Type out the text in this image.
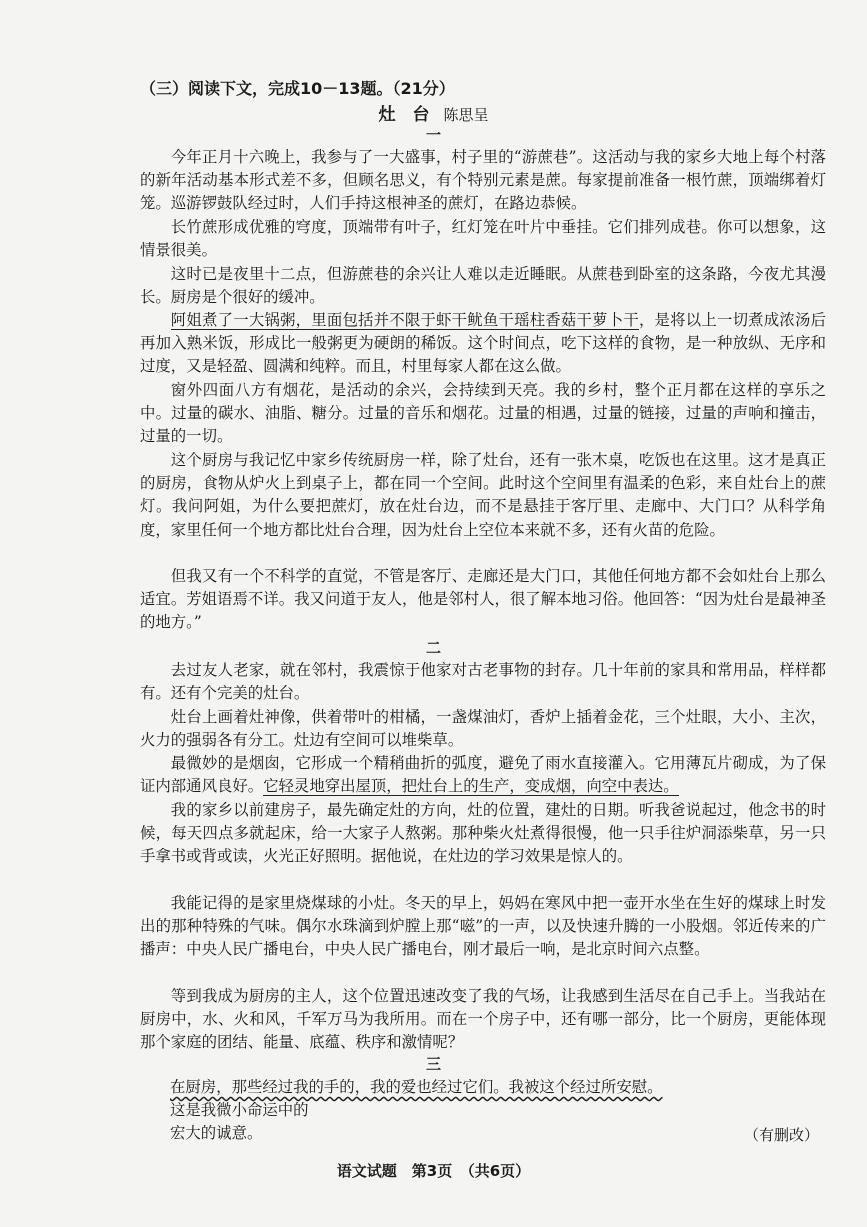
（三）阅读下文，完成10－13题。（21分）
灶　台 陈思呈
一

今年正月十六晚上，我参与了一大盛事，村子里的“游蔗巷”。这活动与我的家乡大地上每个村落的新年活动基本形式差不多，但顾名思义，有个特别元素是蔗。每家提前准备一根竹蔗，顶端绑着灯笼。巡游锣鼓队经过时，人们手持这根神圣的蔗灯，在路边恭候。

长竹蔗形成优雅的穹度，顶端带有叶子，红灯笼在叶片中垂挂。它们排列成巷。你可以想象，这情景很美。

这时已是夜里十二点，但游蔗巷的余兴让人难以走近睡眠。从蔗巷到卧室的这条路，今夜尤其漫长。厨房是个很好的缓冲。

阿姐煮了一大锅粥，里面包括并不限于虾干鱿鱼干瑶柱香菇干萝卜干，是将以上一切煮成浓汤后再加入熟米饭，形成比一般粥更为硬朗的稀饭。这个时间点，吃下这样的食物，是一种放纵、无序和过度，又是轻盈、圆满和纯粹。而且，村里每家人都在这么做。

窗外四面八方有烟花，是活动的余兴，会持续到天亮。我的乡村，整个正月都在这样的享乐之中。过量的碳水、油脂、糖分。过量的音乐和烟花。过量的相遇，过量的链接，过量的声响和撞击，过量的一切。

这个厨房与我记忆中家乡传统厨房一样，除了灶台，还有一张木桌，吃饭也在这里。这才是真正的厨房，食物从炉火上到桌子上，都在同一个空间。此时这个空间里有温柔的色彩，来自灶台上的蔗灯。我问阿姐，为什么要把蔗灯，放在灶台边，而不是悬挂于客厅里、走廊中、大门口？从科学角度，家里任何一个地方都比灶台合理，因为灶台上空位本来就不多，还有火苗的危险。

但我又有一个不科学的直觉，不管是客厅、走廊还是大门口，其他任何地方都不会如灶台上那么适宜。芳姐语焉不详。我又问道于友人，他是邻村人，很了解本地习俗。他回答：“因为灶台是最神圣的地方。”

二

去过友人老家，就在邻村，我震惊于他家对古老事物的封存。几十年前的家具和常用品，样样都有。还有个完美的灶台。

灶台上画着灶神像，供着带叶的柑橘，一盏煤油灯，香炉上插着金花，三个灶眼，大小、主次，火力的强弱各有分工。灶边有空间可以堆柴草。

最微妙的是烟囱，它形成一个精稍曲折的弧度，避免了雨水直接灌入。它用薄瓦片砌成，为了保证内部通风良好。它轻灵地穿出屋顶，把灶台上的生产，变成烟，向空中表达。

我的家乡以前建房子，最先确定灶的方向，灶的位置，建灶的日期。听我爸说起过，他念书的时候，每天四点多就起床，给一大家子人熬粥。那种柴火灶煮得很慢，他一只手往炉洞添柴草，另一只手拿书或背或读，火光正好照明。据他说，在灶边的学习效果是惊人的。

我能记得的是家里烧煤球的小灶。冬天的早上，妈妈在寒风中把一壶开水坐在生好的煤球上时发出的那种特殊的气味。偶尔水珠滴到炉膛上那“嗞”的一声，以及快速升腾的一小股烟。邻近传来的广播声：中央人民广播电台，中央人民广播电台，刚才最后一响，是北京时间六点整。

等到我成为厨房的主人，这个位置迅速改变了我的气场，让我感到生活尽在自己手上。当我站在厨房中，水、火和风，千军万马为我所用。而在一个房子中，还有哪一部分，比一个厨房，更能体现那个家庭的团结、能量、底蕴、秩序和激情呢？

三
在厨房，那些经过我的手的，我的爱也经过它们。我被这个经过所安慰。
这是我微小命运中的
宏大的诚意。	（有删改）
语文试题　第3页　（共6页）
